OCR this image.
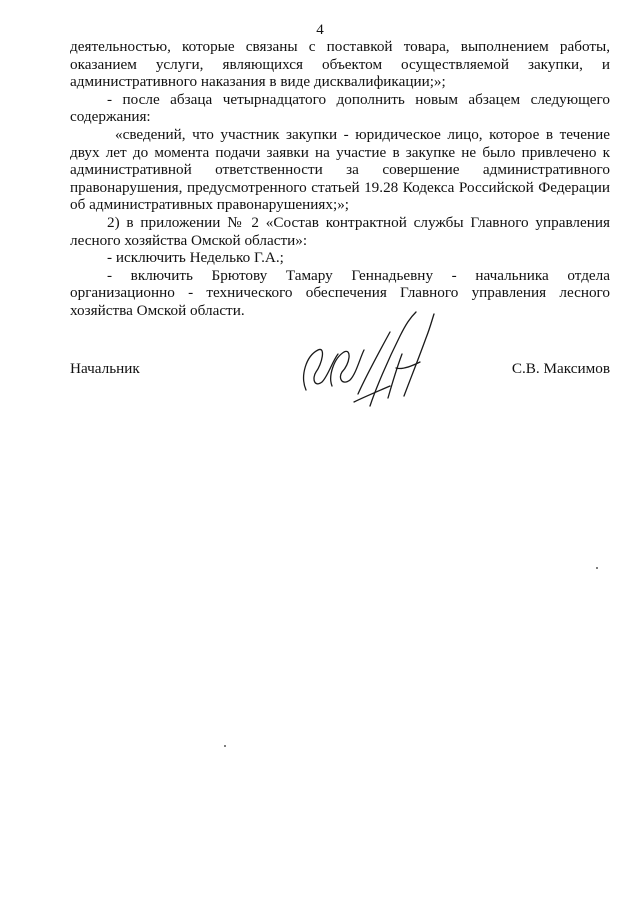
4

деятельностью, которые связаны с поставкой товара, выполнением работы, оказанием услуги, являющихся объектом осуществляемой закупки, и административного наказания в виде дисквалификации;»;

- после абзаца четырнадцатого дополнить новым абзацем следующего содержания:

«сведений, что участник закупки - юридическое лицо, которое в течение двух лет до момента подачи заявки на участие в закупке не было привлечено к административной ответственности за совершение административного правонарушения, предусмотренного статьей 19.28 Кодекса Российской Федерации об административных правонарушениях;»;

2) в приложении № 2 «Состав контрактной службы Главного управления лесного хозяйства Омской области»:

- исключить Неделько Г.А.;

- включить Брютову Тамару Геннадьевну - начальника отдела организационно - технического обеспечения Главного управления лесного хозяйства Омской области.

Начальник	С.В. Максимов
